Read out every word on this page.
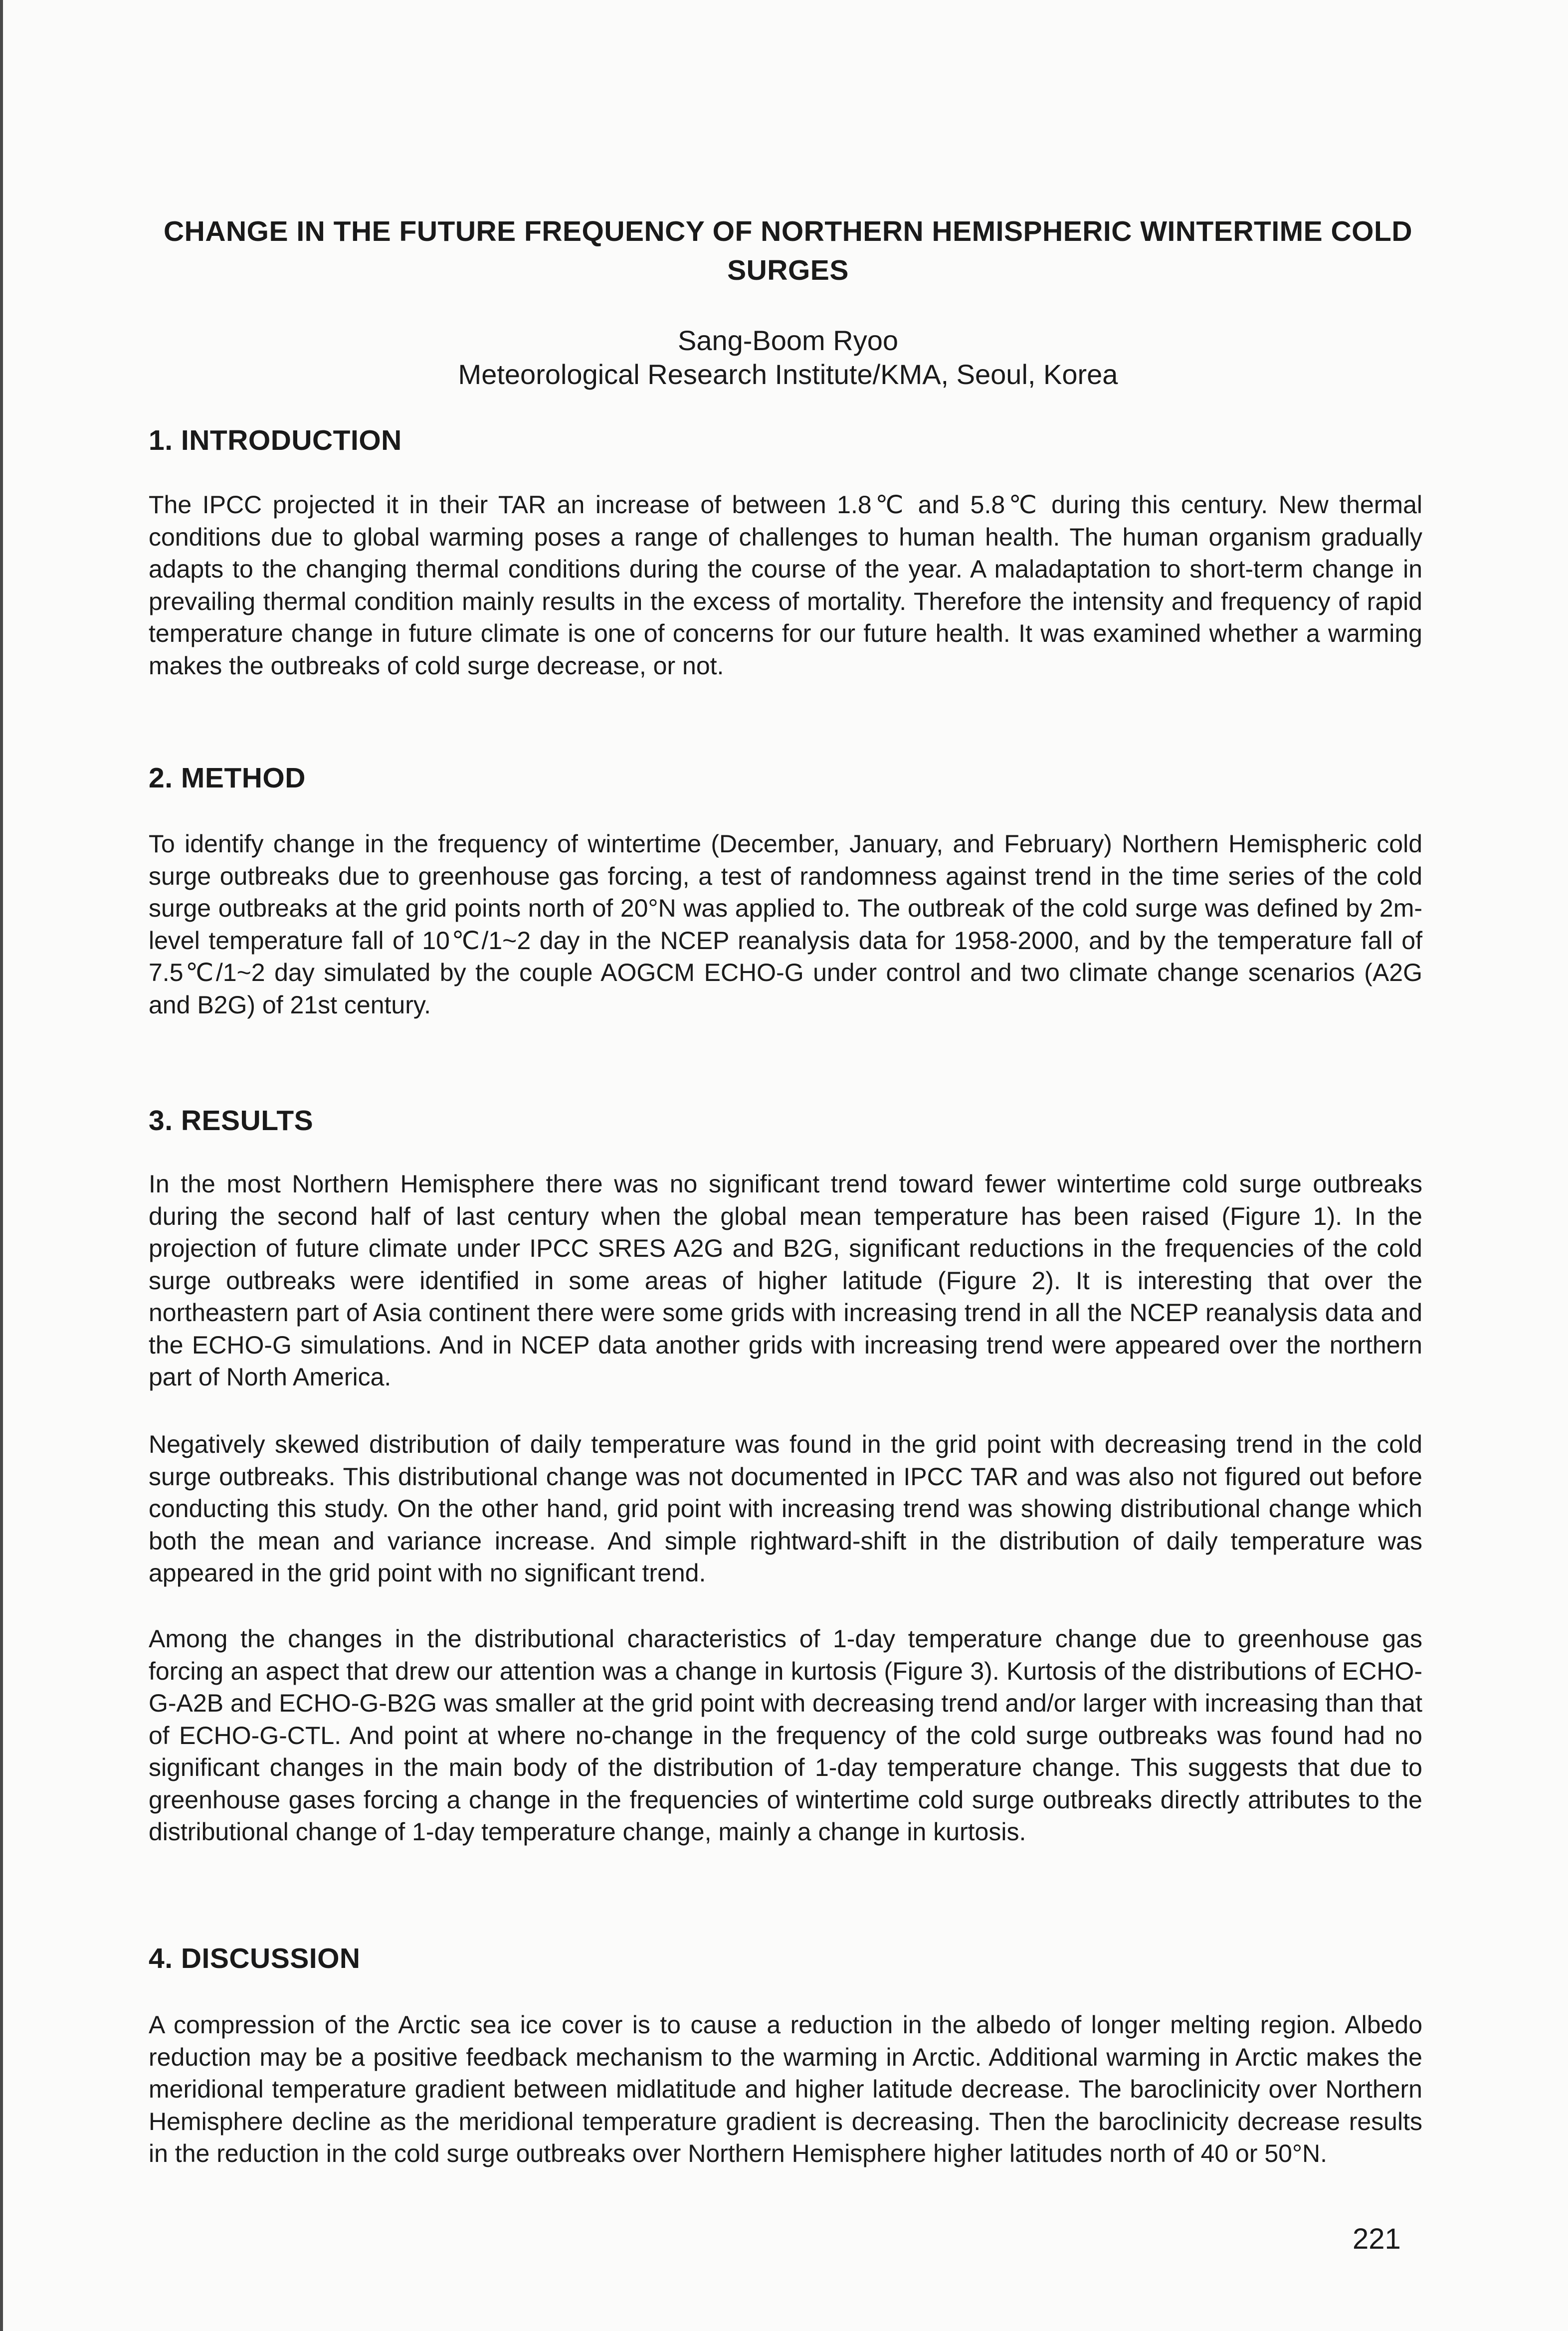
CHANGE IN THE FUTURE FREQUENCY OF NORTHERN HEMISPHERIC WINTERTIME COLD SURGES
Sang-Boom Ryoo
Meteorological Research Institute/KMA, Seoul, Korea
1. INTRODUCTION

The IPCC projected it in their TAR an increase of between 1.8℃ and 5.8℃ during this century. New thermal conditions due to global warming poses a range of challenges to human health. The human organism gradually adapts to the changing thermal conditions during the course of the year. A maladaptation to short-term change in prevailing thermal condition mainly results in the excess of mortality. Therefore the intensity and frequency of rapid temperature change in future climate is one of concerns for our future health. It was examined whether a warming makes the outbreaks of cold surge decrease, or not.

2. METHOD

To identify change in the frequency of wintertime (December, January, and February) Northern Hemispheric cold surge outbreaks due to greenhouse gas forcing, a test of randomness against trend in the time series of the cold surge outbreaks at the grid points north of 20°N was applied to. The outbreak of the cold surge was defined by 2m-level temperature fall of 10℃/1~2 day in the NCEP reanalysis data for 1958-2000, and by the temperature fall of 7.5℃/1~2 day simulated by the couple AOGCM ECHO-G under control and two climate change scenarios (A2G and B2G) of 21st century.

3. RESULTS

In the most Northern Hemisphere there was no significant trend toward fewer wintertime cold surge outbreaks during the second half of last century when the global mean temperature has been raised (Figure 1). In the projection of future climate under IPCC SRES A2G and B2G, significant reductions in the frequencies of the cold surge outbreaks were identified in some areas of higher latitude (Figure 2). It is interesting that over the northeastern part of Asia continent there were some grids with increasing trend in all the NCEP reanalysis data and the ECHO-G simulations. And in NCEP data another grids with increasing trend were appeared over the northern part of North America.

Negatively skewed distribution of daily temperature was found in the grid point with decreasing trend in the cold surge outbreaks. This distributional change was not documented in IPCC TAR and was also not figured out before conducting this study. On the other hand, grid point with increasing trend was showing distributional change which both the mean and variance increase. And simple rightward-shift in the distribution of daily temperature was appeared in the grid point with no significant trend.

Among the changes in the distributional characteristics of 1-day temperature change due to greenhouse gas forcing an aspect that drew our attention was a change in kurtosis (Figure 3). Kurtosis of the distributions of ECHO-G-A2B and ECHO-G-B2G was smaller at the grid point with decreasing trend and/or larger with increasing than that of ECHO-G-CTL. And point at where no-change in the frequency of the cold surge outbreaks was found had no significant changes in the main body of the distribution of 1-day temperature change. This suggests that due to greenhouse gases forcing a change in the frequencies of wintertime cold surge outbreaks directly attributes to the distributional change of 1-day temperature change, mainly a change in kurtosis.

4. DISCUSSION

A compression of the Arctic sea ice cover is to cause a reduction in the albedo of longer melting region. Albedo reduction may be a positive feedback mechanism to the warming in Arctic. Additional warming in Arctic makes the meridional temperature gradient between midlatitude and higher latitude decrease. The baroclinicity over Northern Hemisphere decline as the meridional temperature gradient is decreasing. Then the baroclinicity decrease results in the reduction in the cold surge outbreaks over Northern Hemisphere higher latitudes north of 40 or 50°N.

221
